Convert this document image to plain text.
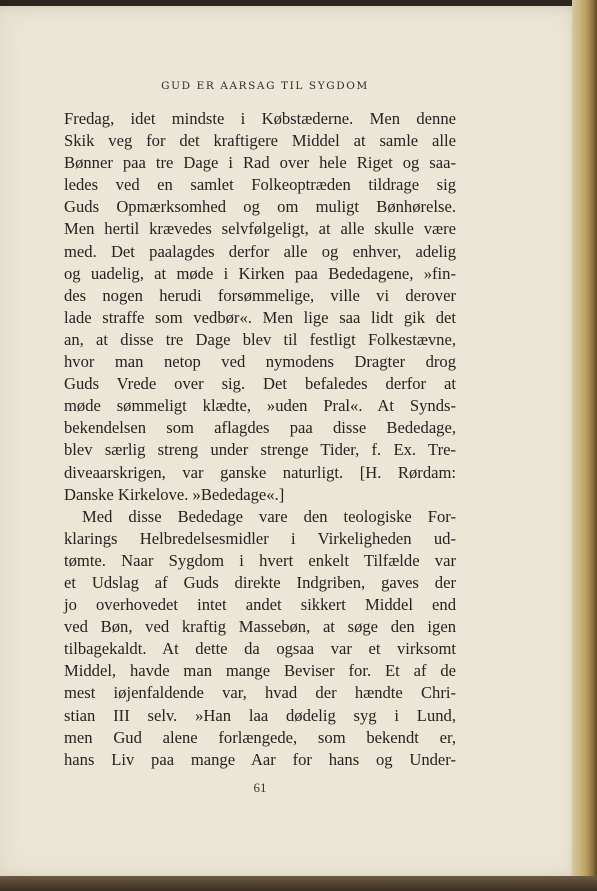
GUD ER AARSAG TIL SYGDOM
Fredag, idet mindste i Købstæderne. Men denne
Skik veg for det kraftigere Middel at samle alle
Bønner paa tre Dage i Rad over hele Riget og saa-
ledes ved en samlet Folkeoptræden tildrage sig
Guds Opmærksomhed og om muligt Bønhørelse.
Men hertil krævedes selvfølgeligt, at alle skulle være
med. Det paalagdes derfor alle og enhver, adelig
og uadelig, at møde i Kirken paa Bededagene, »fin-
des nogen herudi forsømmelige, ville vi derover
lade straffe som vedbør«. Men lige saa lidt gik det
an, at disse tre Dage blev til festligt Folkestævne,
hvor man netop ved nymodens Dragter drog
Guds Vrede over sig. Det befaledes derfor at
møde sømmeligt klædte, »uden Pral«. At Synds-
bekendelsen som aflagdes paa disse Bededage,
blev særlig streng under strenge Tider, f. Ex. Tre-
diveaarskrigen, var ganske naturligt. [H. Rørdam:
Danske Kirkelove. »Bededage«.]
Med disse Bededage vare den teologiske For-
klarings Helbredelsesmidler i Virkeligheden ud-
tømte. Naar Sygdom i hvert enkelt Tilfælde var
et Udslag af Guds direkte Indgriben, gaves der
jo overhovedet intet andet sikkert Middel end
ved Bøn, ved kraftig Massebøn, at søge den igen
tilbagekaldt. At dette da ogsaa var et virksomt
Middel, havde man mange Beviser for. Et af de
mest iøjenfaldende var, hvad der hændte Chri-
stian III selv. »Han laa dødelig syg i Lund,
men Gud alene forlængede, som bekendt er,
hans Liv paa mange Aar for hans og Under-
61
